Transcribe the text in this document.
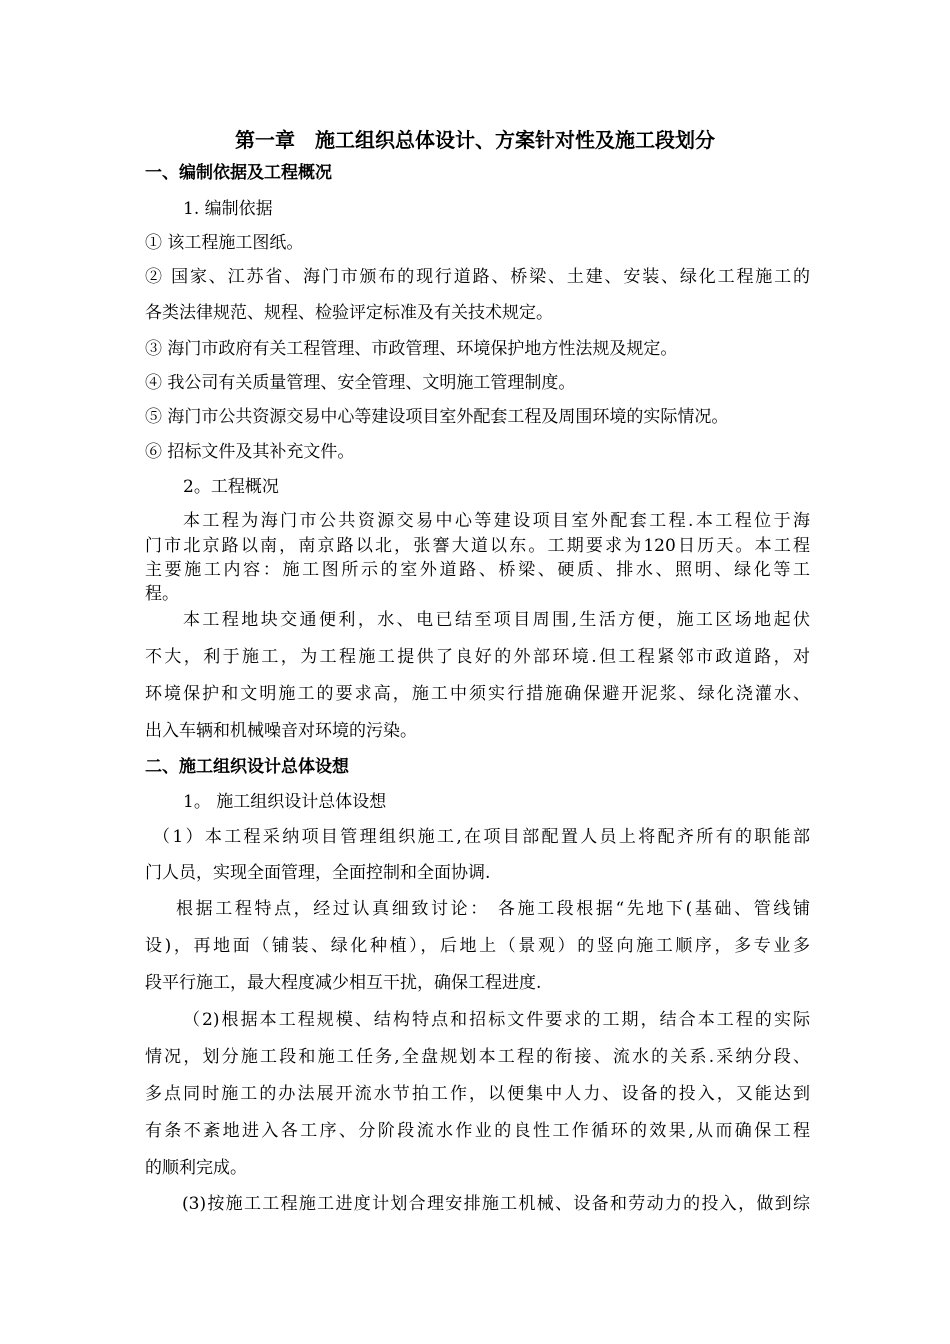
第一章　施工组织总体设计、方案针对性及施工段划分
一、编制依据及工程概况
1. 编制依据
① 该工程施工图纸。
② 国家、江苏省、海门市颁布的现行道路、桥梁、土建、安装、绿化工程施工的
各类法律规范、规程、检验评定标准及有关技术规定。
③ 海门市政府有关工程管理、市政管理、环境保护地方性法规及规定。
④ 我公司有关质量管理、安全管理、文明施工管理制度。
⑤ 海门市公共资源交易中心等建设项目室外配套工程及周围环境的实际情况。
⑥ 招标文件及其补充文件。
2。工程概况
本工程为海门市公共资源交易中心等建设项目室外配套工程.本工程位于海
门市北京路以南，南京路以北，张謇大道以东。工期要求为120日历天。本工程
主要施工内容：施工图所示的室外道路、桥梁、硬质、排水、照明、绿化等工
程。
本工程地块交通便利，水、电已结至项目周围,生活方便，施工区场地起伏
不大，利于施工，为工程施工提供了良好的外部环境.但工程紧邻市政道路，对
环境保护和文明施工的要求高，施工中须实行措施确保避开泥浆、绿化浇灌水、
出入车辆和机械噪音对环境的污染。
二、施工组织设计总体设想
1。 施工组织设计总体设想
（1）本工程采纳项目管理组织施工,在项目部配置人员上将配齐所有的职能部
门人员，实现全面管理，全面控制和全面协调.
根据工程特点，经过认真细致讨论： 各施工段根据“先地下(基础、管线铺
设)，再地面（铺装、绿化种植），后地上（景观）的竖向施工顺序，多专业多
段平行施工，最大程度减少相互干扰，确保工程进度.
（2)根据本工程规模、结构特点和招标文件要求的工期，结合本工程的实际
情况，划分施工段和施工任务,全盘规划本工程的衔接、流水的关系.采纳分段、
多点同时施工的办法展开流水节拍工作，以便集中人力、设备的投入，又能达到
有条不紊地进入各工序、分阶段流水作业的良性工作循环的效果,从而确保工程
的顺利完成。
(3)按施工工程施工进度计划合理安排施工机械、设备和劳动力的投入，做到综
